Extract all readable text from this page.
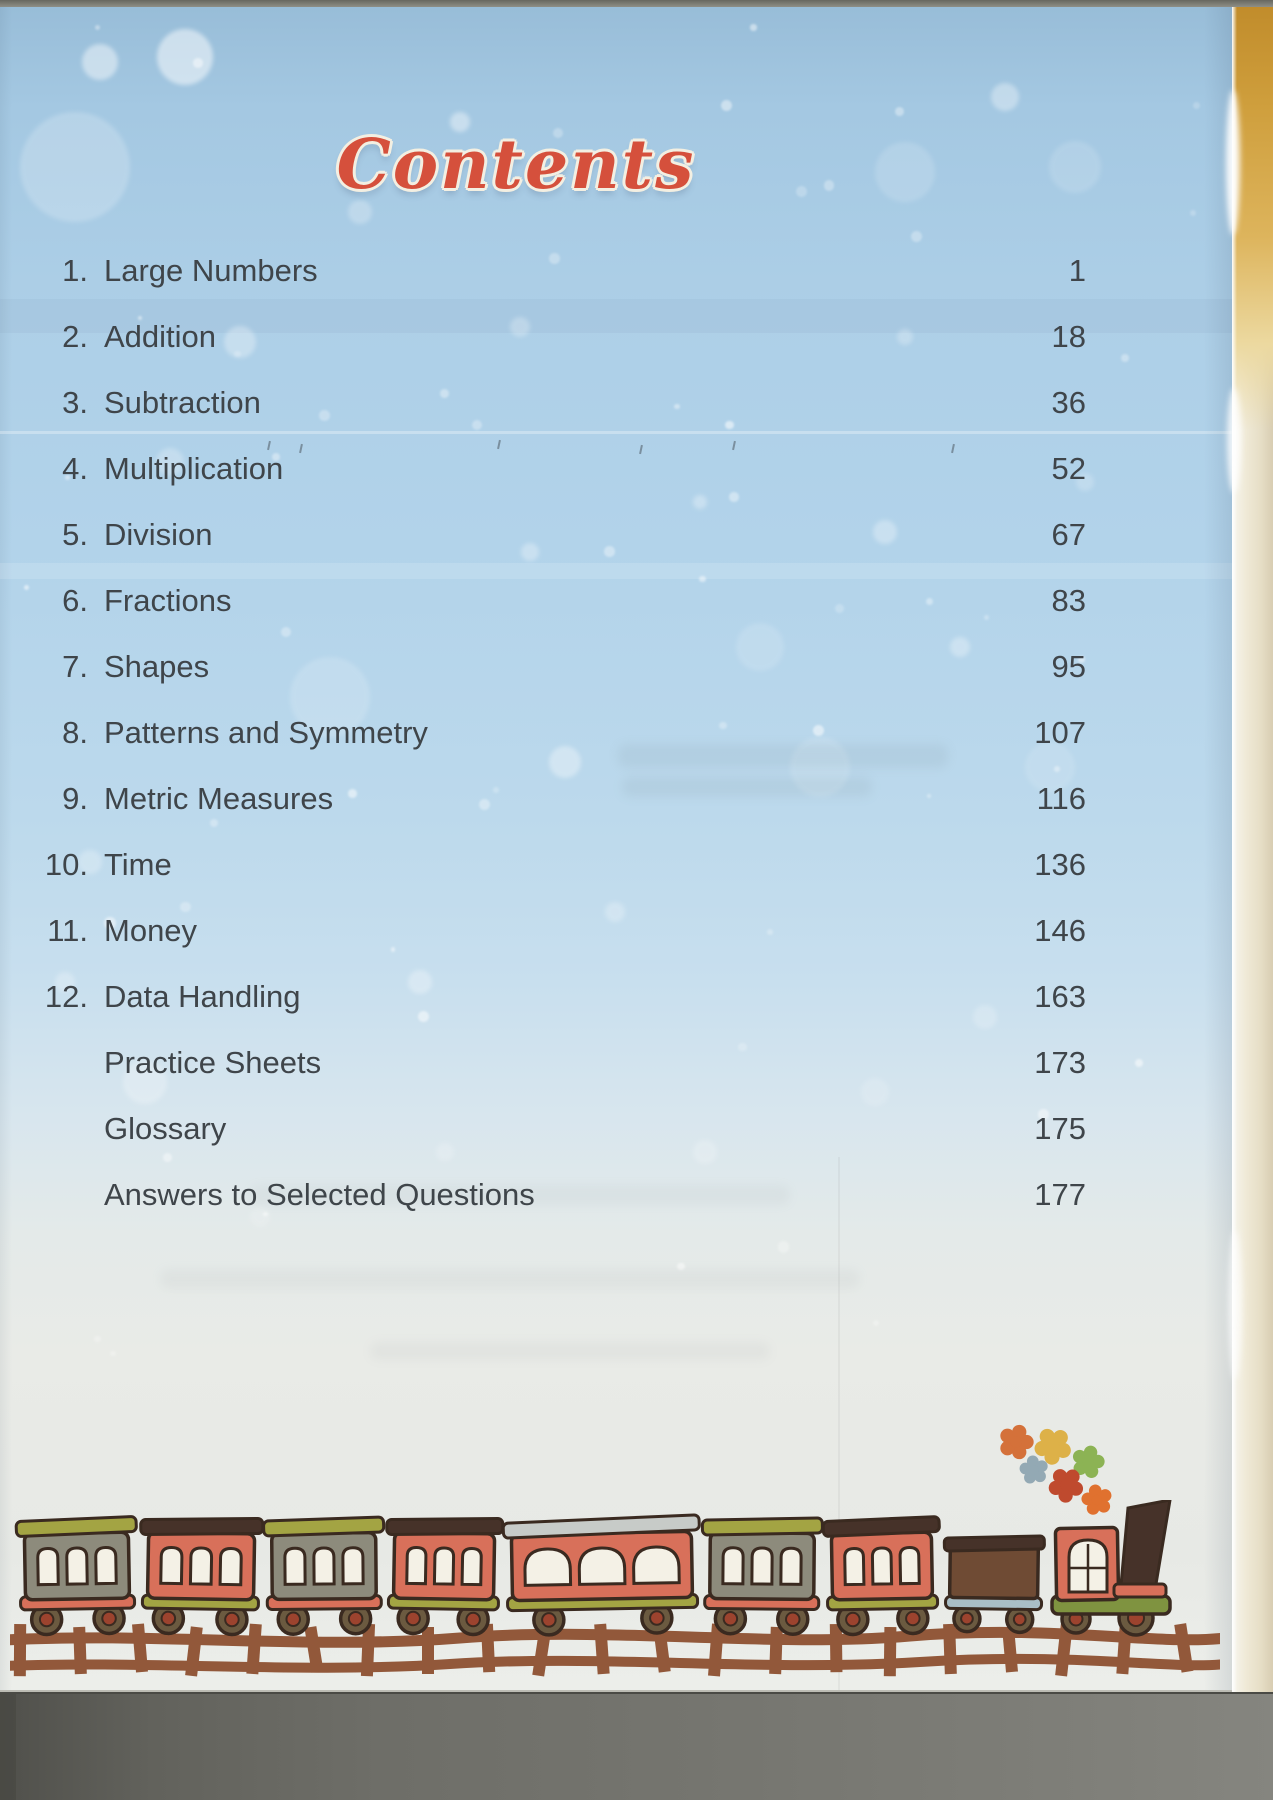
Contents
1. Large Numbers	1
2. Addition	18
3. Subtraction	36
4. Multiplication	52
5. Division	67
6. Fractions	83
7. Shapes	95
8. Patterns and Symmetry	107
9. Metric Measures	116
10. Time	136
11. Money	146
12. Data Handling	163
Practice Sheets	173
Glossary	175
Answers to Selected Questions	177
